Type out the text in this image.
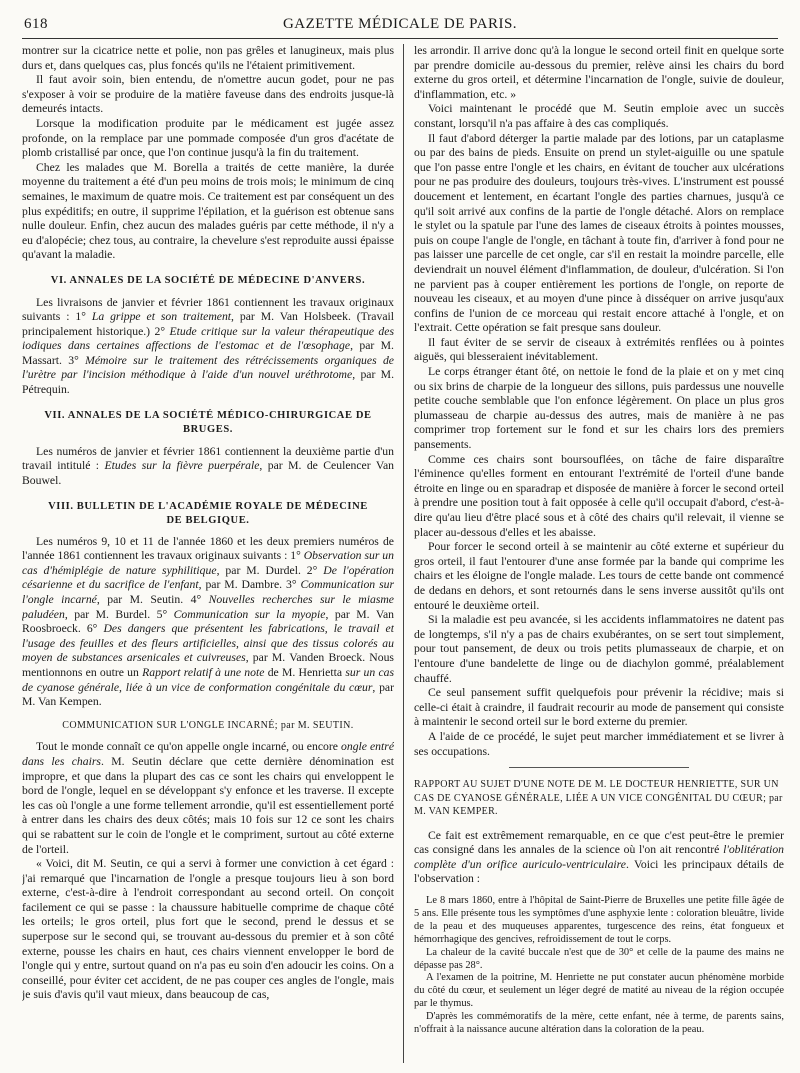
618	GAZETTE MÉDICALE DE PARIS.

montrer sur la cicatrice nette et polie, non pas grêles et lanugineux, mais plus durs et, dans quelques cas, plus foncés qu'ils ne l'étaient primitivement.

Il faut avoir soin, bien entendu, de n'omettre aucun godet, pour ne pas s'exposer à voir se produire de la matière faveuse dans des endroits jusque-là demeurés intacts.

Lorsque la modification produite par le médicament est jugée assez profonde, on la remplace par une pommade composée d'un gros d'acétate de plomb cristallisé par once, que l'on continue jusqu'à la fin du traitement.

Chez les malades que M. Borella a traités de cette manière, la durée moyenne du traitement a été d'un peu moins de trois mois; le minimum de cinq semaines, le maximum de quatre mois. Ce traitement est par conséquent un des plus expéditifs; en outre, il supprime l'épilation, et la guérison est obtenue sans nulle douleur. Enfin, chez aucun des malades guéris par cette méthode, il n'y a eu d'alopécie; chez tous, au contraire, la chevelure s'est reproduite aussi épaisse qu'avant la maladie.

VI. ANNALES DE LA SOCIÉTÉ DE MÉDECINE D'ANVERS.

Les livraisons de janvier et février 1861 contiennent les travaux originaux suivants : 1° La grippe et son traitement, par M. Van Holsbeek. (Travail principalement historique.) 2° Etude critique sur la valeur thérapeutique des iodiques dans certaines affections de l'estomac et de l'œsophage, par M. Massart. 3° Mémoire sur le traitement des rétrécissements organiques de l'urètre par l'incision méthodique à l'aide d'un nouvel uréthrotome, par M. Pétrequin.

VII. ANNALES DE LA SOCIÉTÉ MÉDICO-CHIRURGICAE DE BRUGES.

Les numéros de janvier et février 1861 contiennent la deuxième partie d'un travail intitulé : Etudes sur la fièvre puerpérale, par M. de Ceulencer Van Bouwel.

VIII. BULLETIN DE L'ACADÉMIE ROYALE DE MÉDECINE
DE BELGIQUE.

Les numéros 9, 10 et 11 de l'année 1860 et les deux premiers numéros de l'année 1861 contiennent les travaux originaux suivants : 1° Observation sur un cas d'hémiplégie de nature syphilitique, par M. Durdel. 2° De l'opération césarienne et du sacrifice de l'enfant, par M. Dambre. 3° Communication sur l'ongle incarné, par M. Seutin. 4° Nouvelles recherches sur le miasme paludéen, par M. Burdel. 5° Communication sur la myopie, par M. Van Roosbroeck. 6° Des dangers que présentent les fabrications, le travail et l'usage des feuilles et des fleurs artificielles, ainsi que des tissus colorés au moyen de substances arsenicales et cuivreuses, par M. Vanden Broeck. Nous mentionnons en outre un Rapport relatif à une note de M. Henrietta sur un cas de cyanose générale, liée à un vice de conformation congénitale du cœur, par M. Van Kempen.

COMMUNICATION SUR L'ONGLE INCARNÉ; par M. SEUTIN.

Tout le monde connaît ce qu'on appelle ongle incarné, ou encore ongle entré dans les chairs. M. Seutin déclare que cette dernière dénomination est impropre, et que dans la plupart des cas ce sont les chairs qui enveloppent le bord de l'ongle, lequel en se développant s'y enfonce et les traverse. Il excepte les cas où l'ongle a une forme tellement arrondie, qu'il est essentiellement porté à entrer dans les chairs des deux côtés; mais 10 fois sur 12 ce sont les chairs qui se rabattent sur le coin de l'ongle et le compriment, surtout au côté externe de l'orteil.

« Voici, dit M. Seutin, ce qui a servi à former une conviction à cet égard : j'ai remarqué que l'incarnation de l'ongle a presque toujours lieu à son bord externe, c'est-à-dire à l'endroit correspondant au second orteil. On conçoit facilement ce qui se passe : la chaussure habituelle comprime de chaque côté les orteils; le gros orteil, plus fort que le second, prend le dessus et se superpose sur le second qui, se trouvant au-dessous du premier et à son côté externe, pousse les chairs en haut, ces chairs viennent envelopper le bord de l'ongle qui y entre, surtout quand on n'a pas eu soin d'en adoucir les coins. On a conseillé, pour éviter cet accident, de ne pas couper ces angles de l'ongle, mais je suis d'avis qu'il vaut mieux, dans beaucoup de cas,

les arrondir. Il arrive donc qu'à la longue le second orteil finit en quelque sorte par prendre domicile au-dessous du premier, relève ainsi les chairs du bord externe du gros orteil, et détermine l'incarnation de l'ongle, suivie de douleur, d'inflammation, etc. »

Voici maintenant le procédé que M. Seutin emploie avec un succès constant, lorsqu'il n'a pas affaire à des cas compliqués.

Il faut d'abord déterger la partie malade par des lotions, par un cataplasme ou par des bains de pieds. Ensuite on prend un stylet-aiguille ou une spatule que l'on passe entre l'ongle et les chairs, en évitant de toucher aux ulcérations pour ne pas produire des douleurs, toujours très-vives. L'instrument est poussé doucement et lentement, en écartant l'ongle des parties charnues, jusqu'à ce qu'il soit arrivé aux confins de la partie de l'ongle détaché. Alors on remplace le stylet ou la spatule par l'une des lames de ciseaux étroits à pointes mousses, puis on coupe l'angle de l'ongle, en tâchant à toute fin, d'arriver à fond pour ne pas laisser une parcelle de cet ongle, car s'il en restait la moindre parcelle, elle deviendrait un nouvel élément d'inflammation, de douleur, d'ulcération. Si l'on ne parvient pas à couper entièrement les portions de l'ongle, on reporte de nouveau les ciseaux, et au moyen d'une pince à disséquer on arrive jusqu'aux confins de l'union de ce morceau qui restait encore attaché à l'ongle, et on l'extrait. Cette opération se fait presque sans douleur.

Il faut éviter de se servir de ciseaux à extrémités renflées ou à pointes aiguës, qui blesseraient inévitablement.

Le corps étranger étant ôté, on nettoie le fond de la plaie et on y met cinq ou six brins de charpie de la longueur des sillons, puis pardessus une nouvelle petite couche semblable que l'on enfonce légèrement. On place un plus gros plumasseau de charpie au-dessus des autres, mais de manière à ne pas comprimer trop fortement sur le fond et sur les chairs lors des premiers pansements.

Comme ces chairs sont boursouflées, on tâche de faire disparaître l'éminence qu'elles forment en entourant l'extrémité de l'orteil d'une bande étroite en linge ou en sparadrap et disposée de manière à forcer le second orteil à prendre une position tout à fait opposée à celle qu'il occupait d'abord, c'est-à-dire qu'au lieu d'être placé sous et à côté des chairs qu'il relevait, il vienne se placer au-dessous d'elles et les abaisse.

Pour forcer le second orteil à se maintenir au côté externe et supérieur du gros orteil, il faut l'entourer d'une anse formée par la bande qui comprime les chairs et les éloigne de l'ongle malade. Les tours de cette bande ont commencé de dedans en dehors, et sont retournés dans le sens inverse aussitôt qu'ils ont entouré le deuxième orteil.

Si la maladie est peu avancée, si les accidents inflammatoires ne datent pas de longtemps, s'il n'y a pas de chairs exubérantes, on se sert tout simplement, pour tout pansement, de deux ou trois petits plumasseaux de charpie, et on l'entoure d'une bandelette de linge ou de diachylon gommé, préalablement chauffé.

Ce seul pansement suffit quelquefois pour prévenir la récidive; mais si celle-ci était à craindre, il faudrait recourir au mode de pansement qui consiste à maintenir le second orteil sur le bord externe du premier.

A l'aide de ce procédé, le sujet peut marcher immédiatement et se livrer à ses occupations.

RAPPORT AU SUJET D'UNE NOTE DE M. LE DOCTEUR HENRIETTE, SUR UN CAS DE CYANOSE GÉNÉRALE, LIÉE A UN VICE CONGÉNITAL DU CŒUR; par M. VAN KEMPER.

Ce fait est extrêmement remarquable, en ce que c'est peut-être le premier cas consigné dans les annales de la science où l'on ait rencontré l'oblitération complète d'un orifice auriculo-ventriculaire. Voici les principaux détails de l'observation :

Le 8 mars 1860, entre à l'hôpital de Saint-Pierre de Bruxelles une petite fille âgée de 5 ans. Elle présente tous les symptômes d'une asphyxie lente : coloration bleuâtre, livide de la peau et des muqueuses apparentes, turgescence des reins, état fongueux et hémorrhagique des gencives, refroidissement de tout le corps.

La chaleur de la cavité buccale n'est que de 30° et celle de la paume des mains ne dépasse pas 28°.

A l'examen de la poitrine, M. Henriette ne put constater aucun phénomène morbide du côté du cœur, et seulement un léger degré de matité au niveau de la région occupée par le thymus.

D'après les commémoratifs de la mère, cette enfant, née à terme, de parents sains, n'offrait à la naissance aucune altération dans la coloration de la peau.
